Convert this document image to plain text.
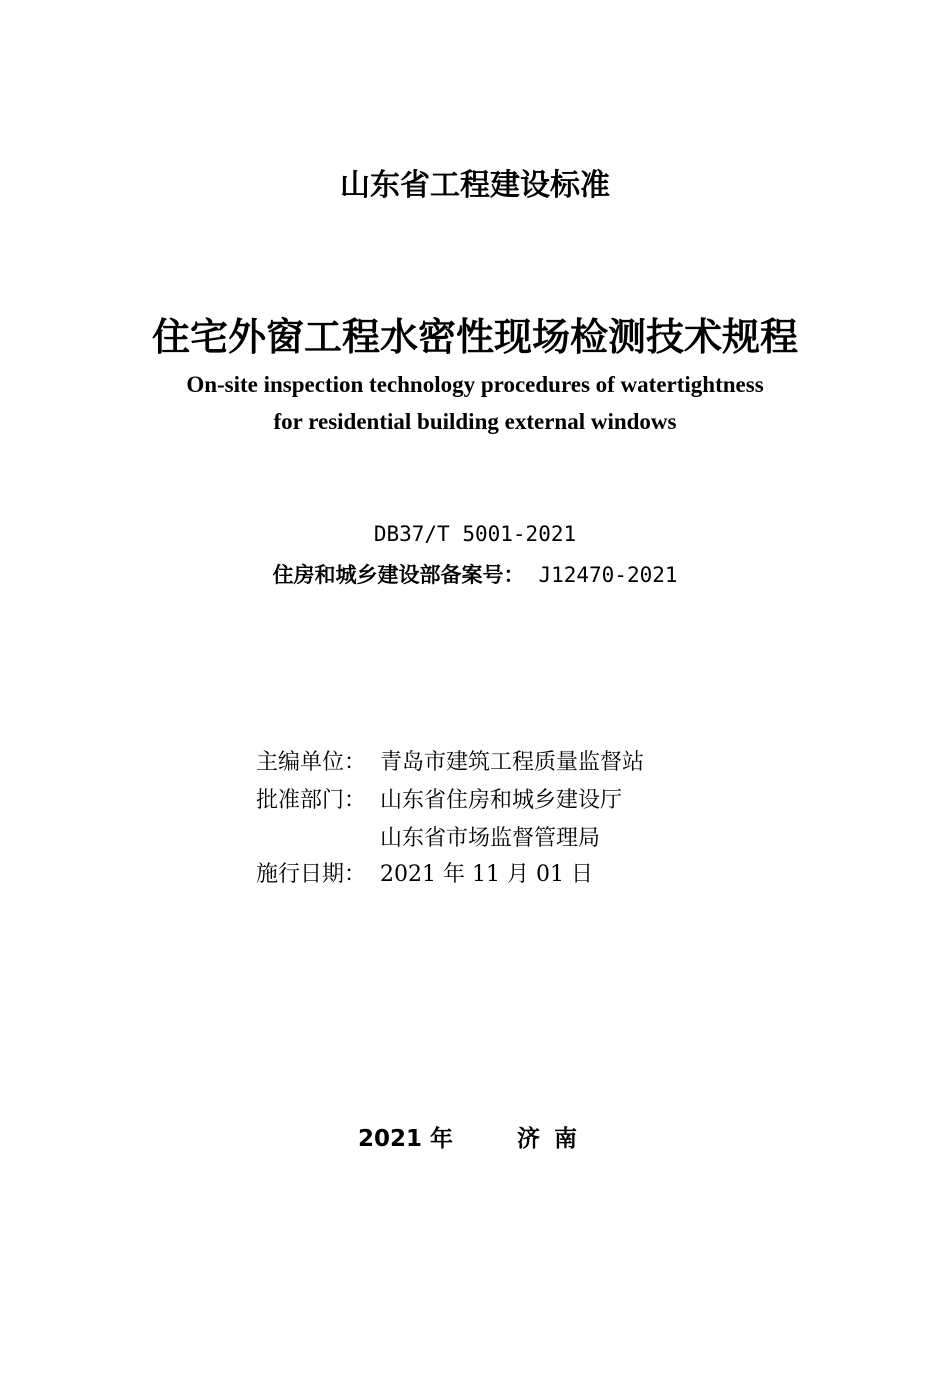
山东省工程建设标准
住宅外窗工程水密性现场检测技术规程
On-site inspection technology procedures of watertightness
for residential building external windows
DB37/T 5001-2021
住房和城乡建设部备案号： J12470-2021
主编单位： 青岛市建筑工程质量监督站
批准部门： 山东省住房和城乡建设厅
山东省市场监督管理局
施行日期： 2021 年 11 月 01 日
2021 年	济南
